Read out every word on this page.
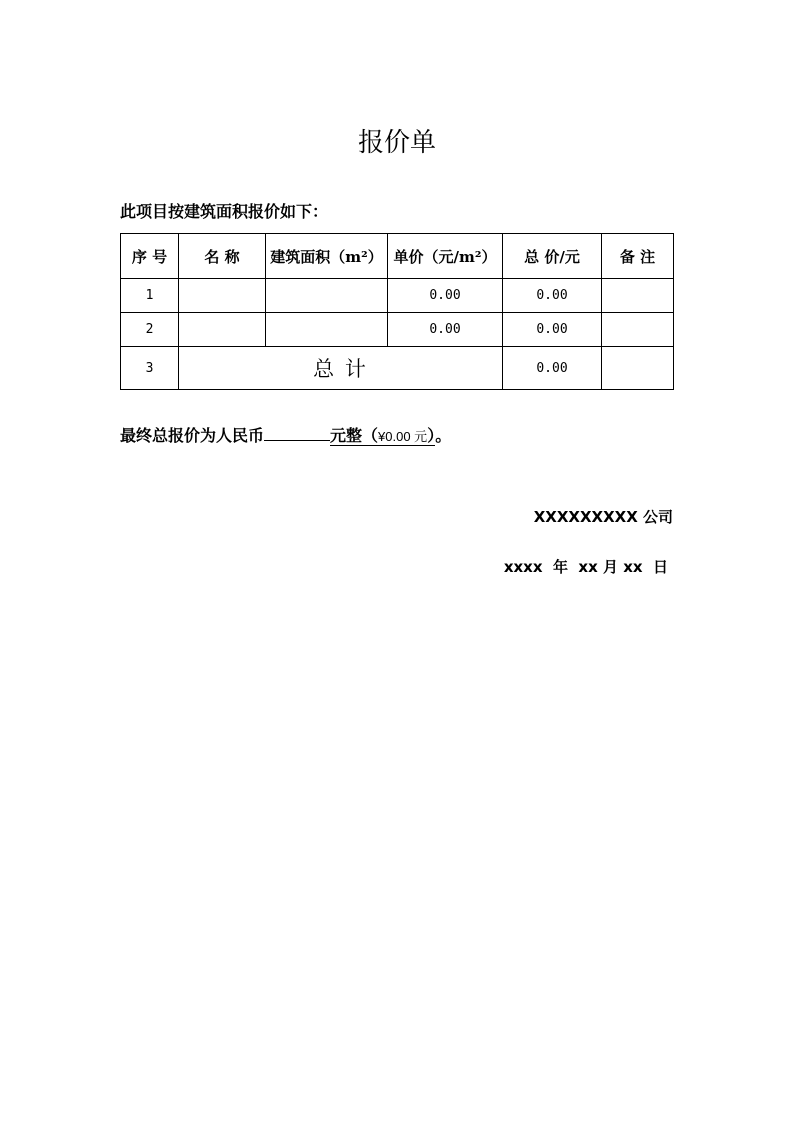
报价单
此项目按建筑面积报价如下：
序 号	名 称	建筑面积（m²）	单价（元/m²）	总 价/元	备 注
1			0.00	0.00	
2			0.00	0.00	
3	总 计			0.00	
最终总报价为人民币	元整（¥0.00 元）。
XXXXXXXXX 公司
xxxx  年  xx 月 xx  日
